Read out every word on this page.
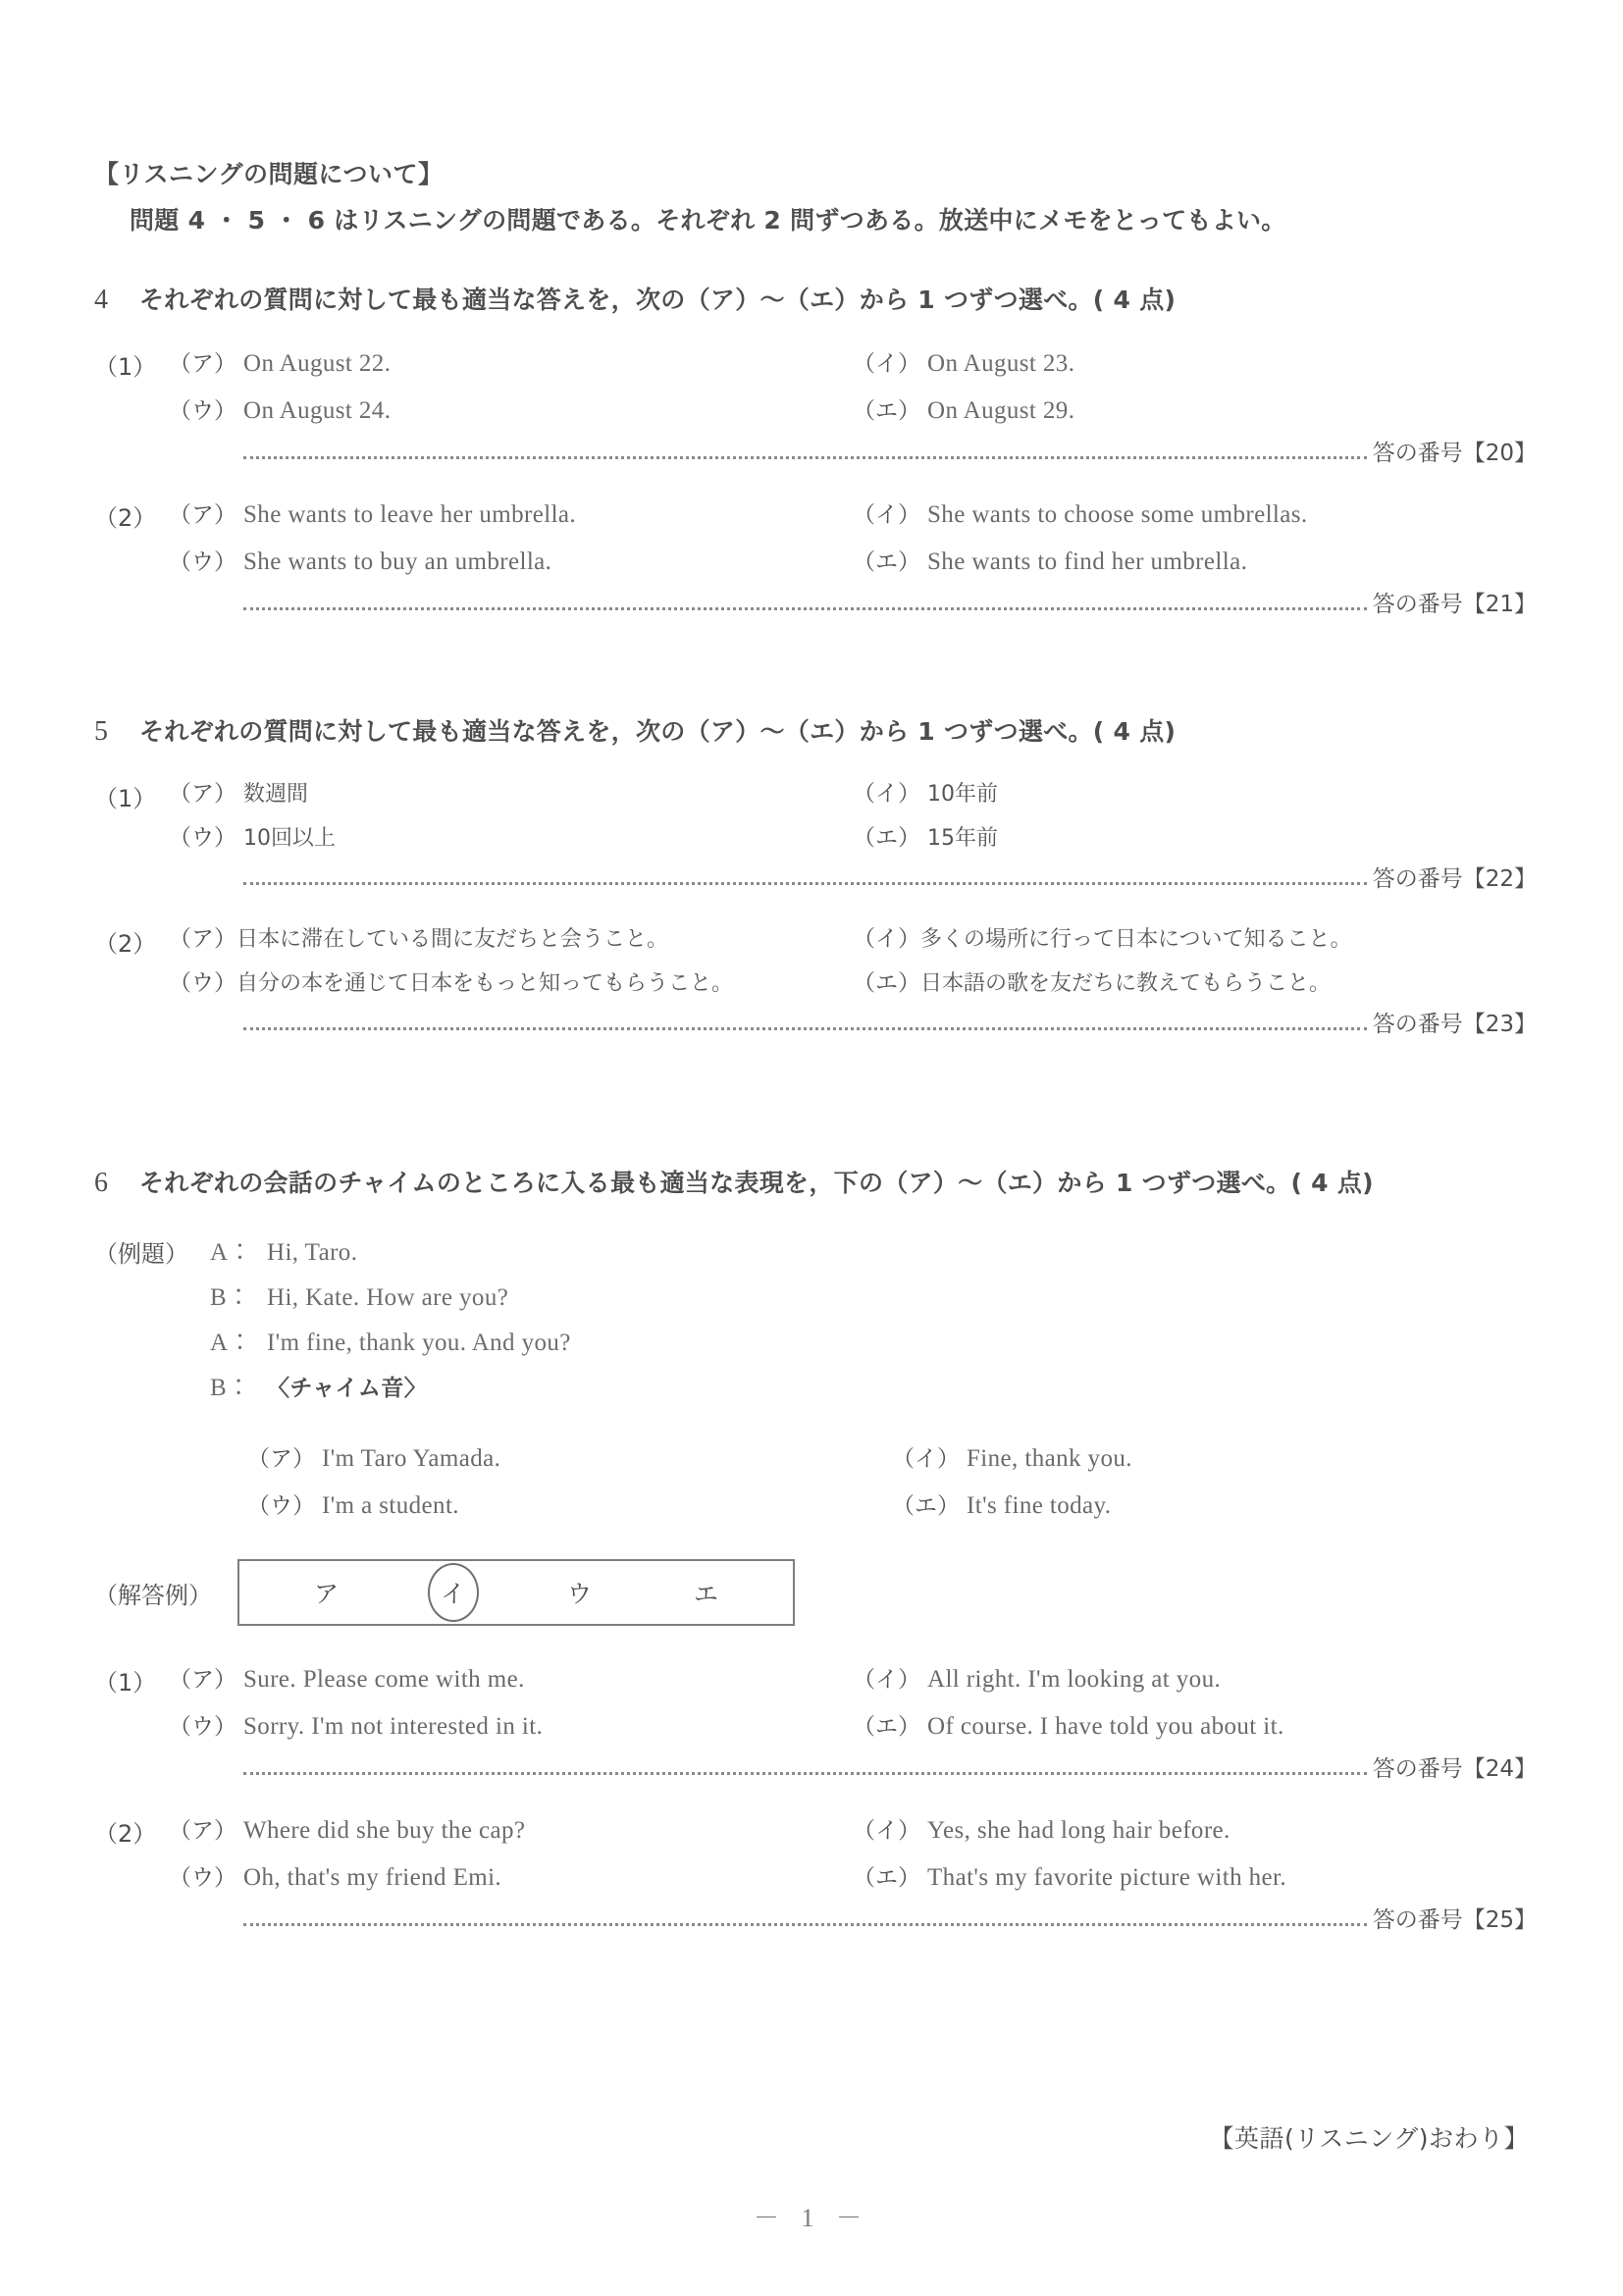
【リスニングの問題について】
問題 4 ・ 5 ・ 6 はリスニングの問題である。それぞれ 2 問ずつある。放送中にメモをとってもよい。
4	それぞれの質問に対して最も適当な答えを，次の（ア）～（エ）から 1 つずつ選べ。( 4 点)
（1） （ア） On August 22.	（イ） On August 23.
（ウ） On August 24.	（エ） On August 29.
答の番号【20】
（2） （ア） She wants to leave her umbrella.	（イ） She wants to choose some umbrellas.
（ウ） She wants to buy an umbrella.	（エ） She wants to find her umbrella.
答の番号【21】
5	それぞれの質問に対して最も適当な答えを，次の（ア）～（エ）から 1 つずつ選べ。( 4 点)
（1） （ア） 数週間	（イ） 10年前
（ウ） 10回以上	（エ） 15年前
答の番号【22】
（2） （ア） 日本に滞在している間に友だちと会うこと。	（イ） 多くの場所に行って日本について知ること。
（ウ） 自分の本を通じて日本をもっと知ってもらうこと。	（エ） 日本語の歌を友だちに教えてもらうこと。
答の番号【23】
6	それぞれの会話のチャイムのところに入る最も適当な表現を，下の（ア）～（エ）から 1 つずつ選べ。( 4 点)
（例題） A： Hi, Taro.
B： Hi, Kate. How are you?
A： I'm fine, thank you. And you?
B： 〈チャイム音〉
（ア） I'm Taro Yamada.	（イ） Fine, thank you.
（ウ） I'm a student.	（エ） It's fine today.
（解答例）	ア	イ	ウ	エ
（1） （ア） Sure. Please come with me.	（イ） All right. I'm looking at you.
（ウ） Sorry. I'm not interested in it.	（エ） Of course. I have told you about it.
答の番号【24】
（2） （ア） Where did she buy the cap?	（イ） Yes, she had long hair before.
（ウ） Oh, that's my friend Emi.	（エ） That's my favorite picture with her.
答の番号【25】
【英語(リスニング)おわり】
－ 1 －
